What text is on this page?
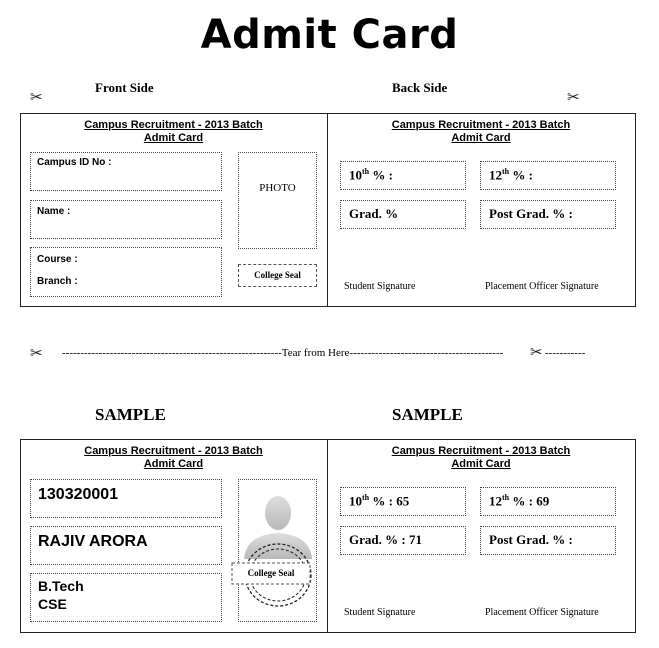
Admit Card
Front Side	Back Side
✂	✂
Campus Recruitment - 2013 Batch
Admit Card
Campus Recruitment - 2013 Batch
Admit Card
Campus ID No :
Name :
Course :
Branch :
PHOTO
College Seal
10th % :	12th % :
Grad. %	Post Grad. % :
Student Signature	Placement Officer Signature
✂ ------------------------------------------------------------Tear from Here------------------------------------------ ✂ -----------
SAMPLE	SAMPLE
Campus Recruitment - 2013 Batch
Admit Card
Campus Recruitment - 2013 Batch
Admit Card
130320001
RAJIV ARORA
B.Tech
CSE
College Seal
10th % : 65	12th % : 69
Grad. % : 71	Post Grad. % :
Student Signature	Placement Officer Signature
